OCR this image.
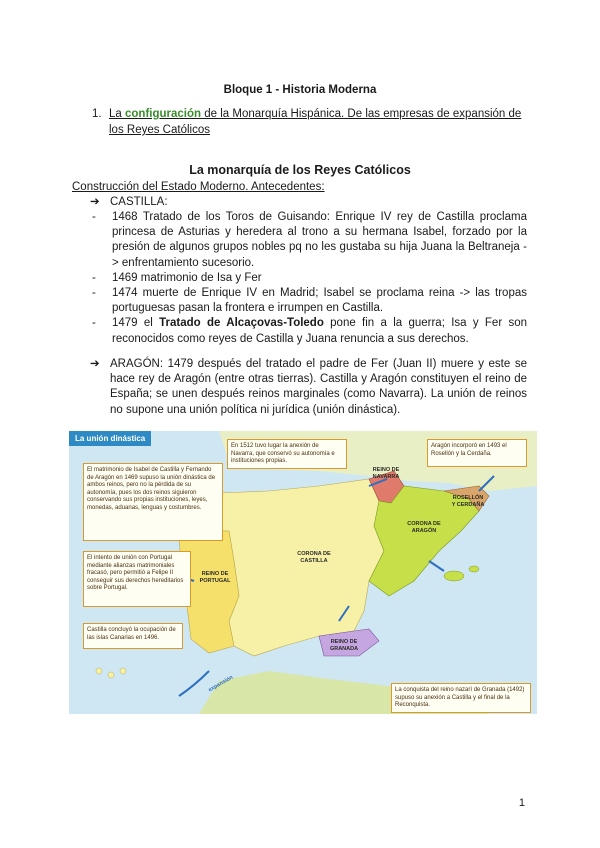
Bloque 1 - Historia Moderna
1. La configuración de la Monarquía Hispánica. De las empresas de expansión de los Reyes Católicos
La monarquía de los Reyes Católicos
Construcción del Estado Moderno. Antecedentes:
➔ CASTILLA:
- 1468 Tratado de los Toros de Guisando: Enrique IV rey de Castilla proclama princesa de Asturias y heredera al trono a su hermana Isabel, forzado por la presión de algunos grupos nobles pq no les gustaba su hija Juana la Beltraneja -> enfrentamiento sucesorio.
- 1469 matrimonio de Isa y Fer
- 1474 muerte de Enrique IV en Madrid; Isabel se proclama reina -> las tropas portuguesas pasan la frontera e irrumpen en Castilla.
- 1479 el Tratado de Alcaçovas-Toledo pone fin a la guerra; Isa y Fer son reconocidos como reyes de Castilla y Juana renuncia a sus derechos.
➔ ARAGÓN: 1479 después del tratado el padre de Fer (Juan II) muere y este se hace rey de Aragón (entre otras tierras). Castilla y Aragón constituyen el reino de España; se unen después reinos marginales (como Navarra). La unión de reinos no supone una unión política ni jurídica (unión dinástica).
La unión dinástica
El matrimonio de Isabel de Castilla y Fernando de Aragón en 1469 supuso la unión dinástica de ambos reinos, pero no la pérdida de su autonomía, pues los dos reinos siguieron conservando sus propias instituciones, leyes, monedas, aduanas, lenguas y costumbres.
El intento de unión con Portugal mediante alianzas matrimoniales fracasó, pero permitió a Felipe II conseguir sus derechos hereditarios sobre Portugal.
Castilla concluyó la ocupación de las islas Canarias en 1496.
En 1512 tuvo lugar la anexión de Navarra, que conservó su autonomía e instituciones propias.
Aragón incorporó en 1493 el Rosellón y la Cerdaña.
La conquista del reino nazarí de Granada (1492) supuso su anexión a Castilla y el final de la Reconquista.
REINO DE NAVARRA
CORONA DE ARAGÓN
CORONA DE CASTILLA
REINO DE PORTUGAL
REINO DE GRANADA
ROSELLÓN Y CERDAÑA
expansión
1
